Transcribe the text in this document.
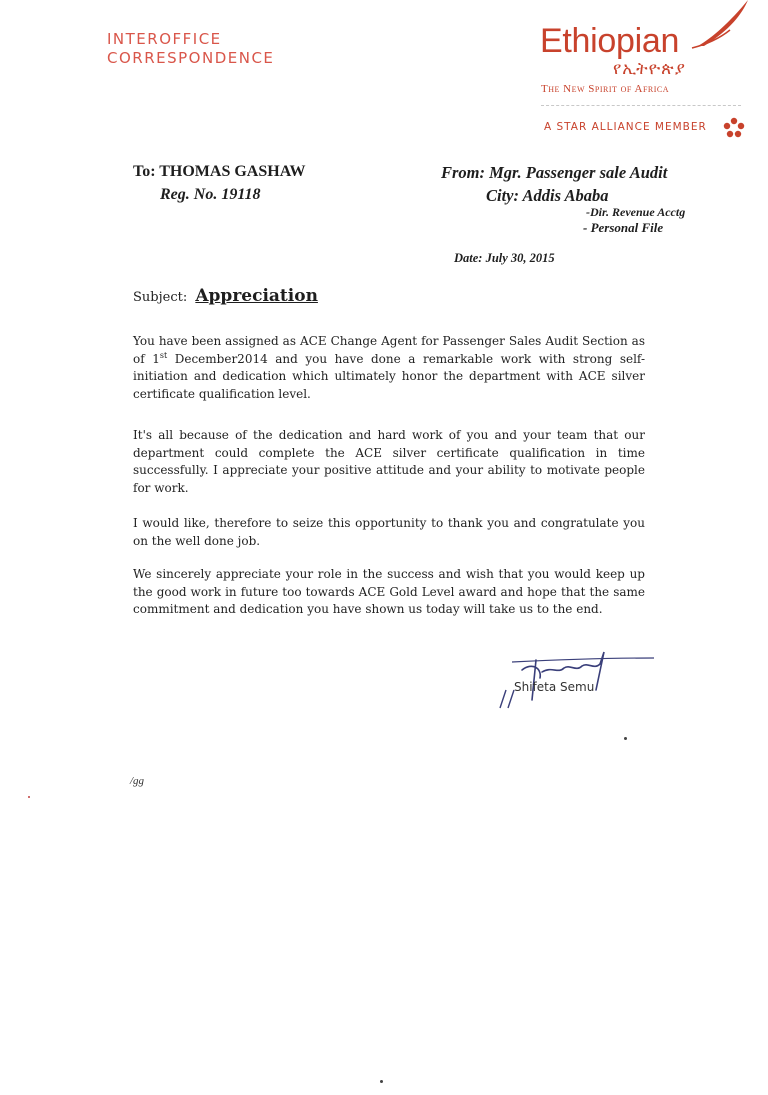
INTEROFFICE
CORRESPONDENCE	Ethiopian
የኢትዮጵያ
The New Spirit of Africa
A STAR ALLIANCE MEMBER
To: THOMAS GASHAW
Reg. No. 19118
From: Mgr. Passenger sale Audit
City: Addis Ababa
-Dir. Revenue Acctg
- Personal File
Date: July 30, 2015
Subject: Appreciation
You have been assigned as ACE Change Agent for Passenger Sales Audit Section as of 1st December2014 and you have done a remarkable work with strong self-initiation and dedication which ultimately honor the department with ACE silver certificate qualification level.
It's all because of the dedication and hard work of you and your team that our department could complete the ACE silver certificate qualification in time successfully. I appreciate your positive attitude and your ability to motivate people for work.
I would like, therefore to seize this opportunity to thank you and congratulate you on the well done job.
We sincerely appreciate your role in the success and wish that you would keep up the good work in future too towards ACE Gold Level award and hope that the same commitment and dedication you have shown us today will take us to the end.
Shifeta Semu
/gg
